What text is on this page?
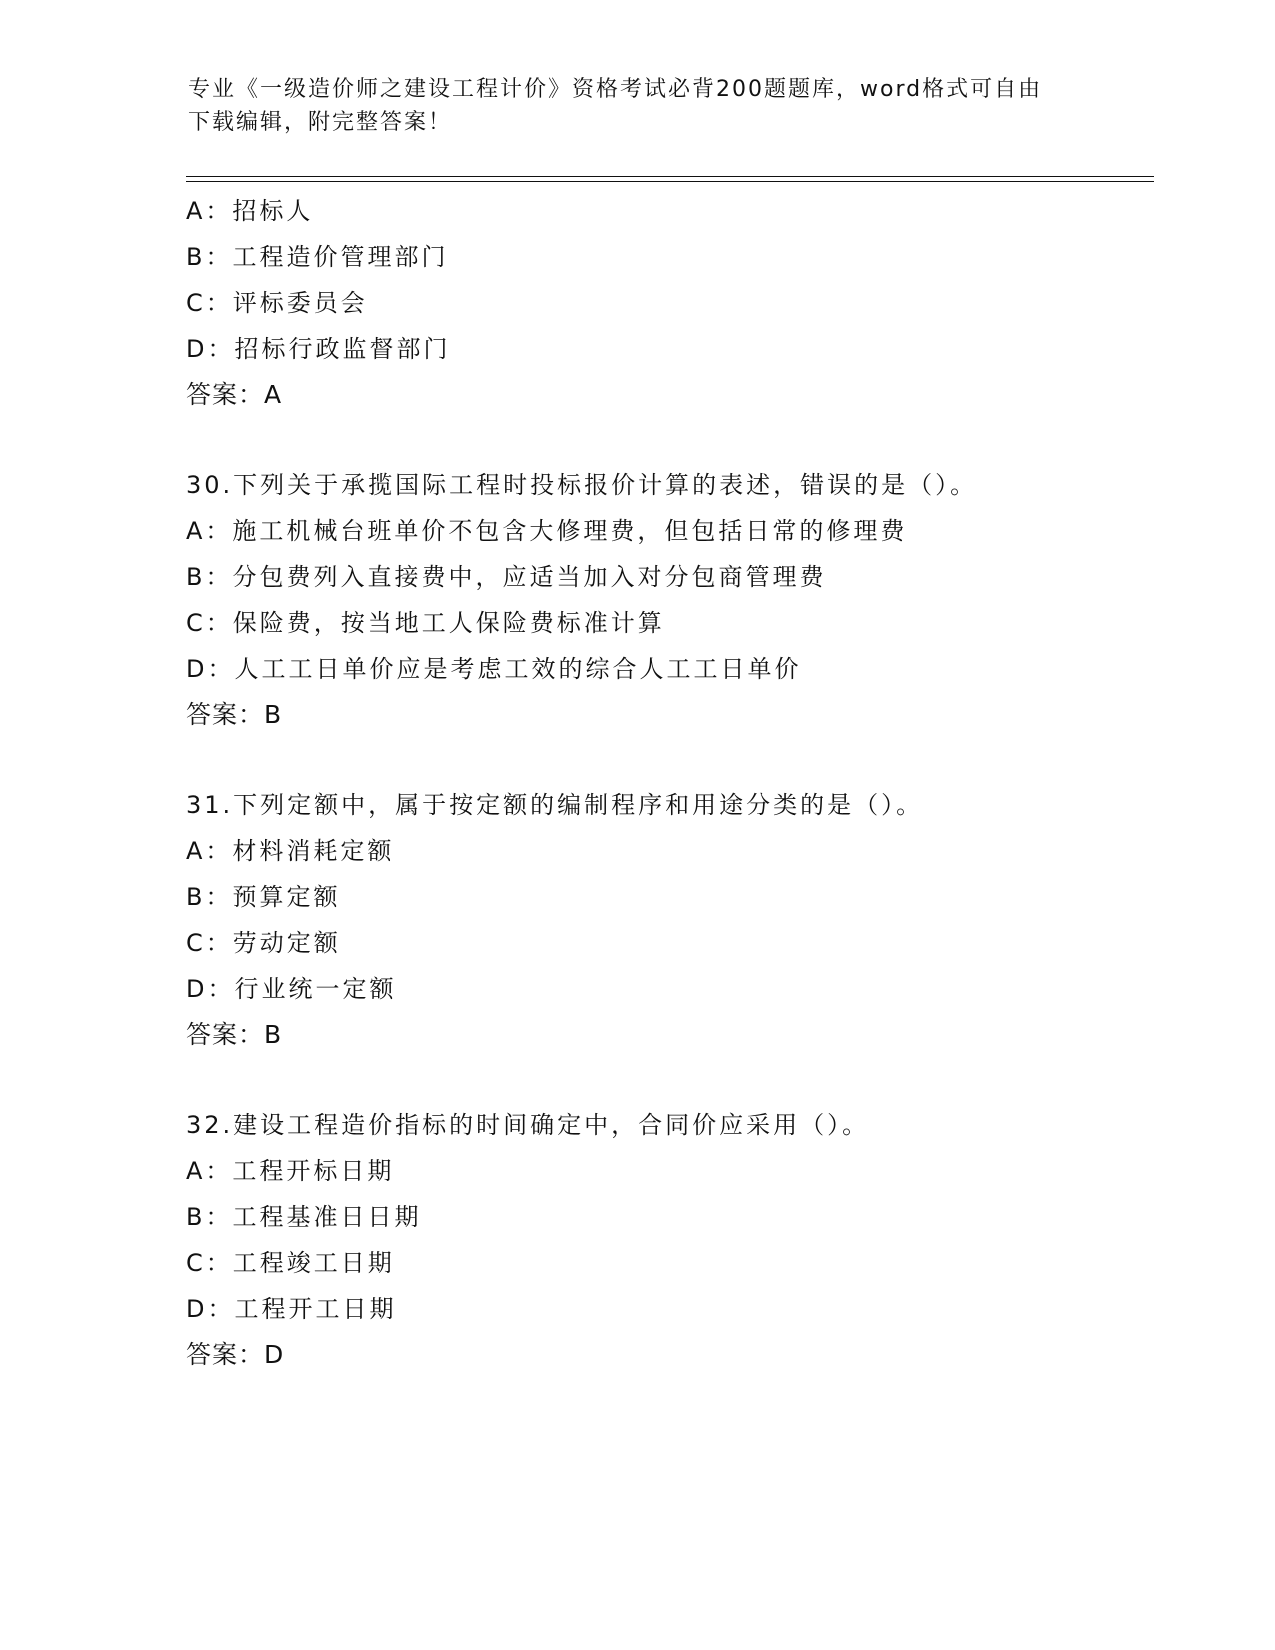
专业《一级造价师之建设工程计价》资格考试必背200题题库，word格式可自由
下载编辑，附完整答案！
A：招标人
B：工程造价管理部门
C：评标委员会
D：招标行政监督部门
答案：A
30.下列关于承揽国际工程时投标报价计算的表述，错误的是（）。
A：施工机械台班单价不包含大修理费，但包括日常的修理费
B：分包费列入直接费中，应适当加入对分包商管理费
C：保险费，按当地工人保险费标准计算
D：人工工日单价应是考虑工效的综合人工工日单价
答案：B
31.下列定额中，属于按定额的编制程序和用途分类的是（）。
A：材料消耗定额
B：预算定额
C：劳动定额
D：行业统一定额
答案：B
32.建设工程造价指标的时间确定中，合同价应采用（）。
A：工程开标日期
B：工程基准日日期
C：工程竣工日期
D：工程开工日期
答案：D
